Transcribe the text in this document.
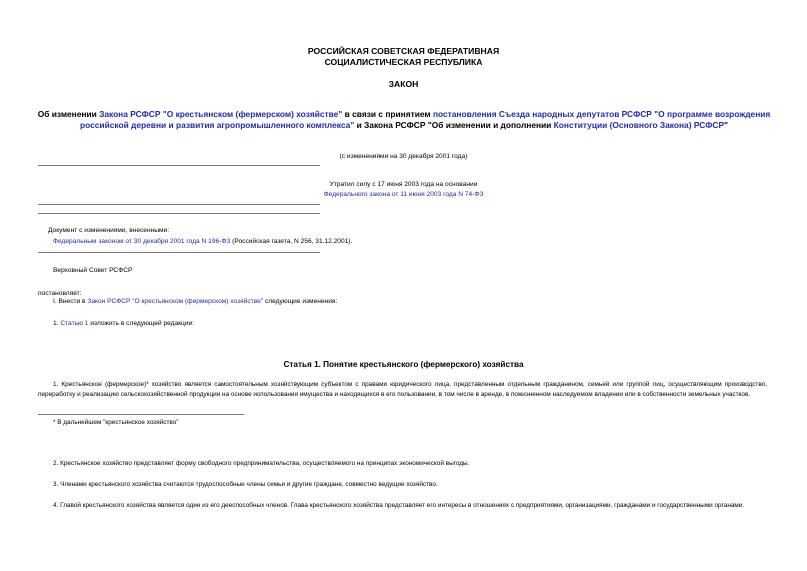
РОССИЙСКАЯ СОВЕТСКАЯ ФЕДЕРАТИВНАЯ
СОЦИАЛИСТИЧЕСКАЯ РЕСПУБЛИКА
ЗАКОН
Об изменении Закона РСФСР "О крестьянском (фермерском) хозяйстве" в связи с принятием постановления Съезда народных депутатов РСФСР "О программе возрождения российской деревни и развития агропромышленного комплекса" и Закона РСФСР "Об изменении и дополнении Конституции (Основного Закона) РСФСР"
(с изменениями на 30 декабря 2001 года)
Утратил силу с 17 июня 2003 года на основании
Федерального закона от 11 июня 2003 года N 74-ФЗ
Документ с изменениями, внесенными:
Федеральным законом от 30 декабря 2001 года N 196-ФЗ (Российская газета, N 256, 31.12.2001).
Верховный Совет РСФСР
постановляет:
I. Внести в Закон РСФСР "О крестьянском (фермерском) хозяйстве" следующие изменения:
1. Статью 1 изложить в следующей редакции:
Статья 1. Понятие крестьянского (фермерского) хозяйства
1. Крестьянское (фермерское)* хозяйство является самостоятельным хозяйствующим субъектом с правами юридического лица, представленным отдельным гражданином, семьей или группой лиц, осуществляющим производство, переработку и реализацию сельскохозяйственной продукции на основе использования имущества и находящихся в его пользовании, в том числе в аренде, в пожизненном наследуемом владении или в собственности земельных участков.
* В дальнейшем "крестьянское хозяйство"
2. Крестьянское хозяйство представляет форму свободного предпринимательства, осуществляемого на принципах экономической выгоды.
3. Членами крестьянского хозяйства считаются трудоспособные члены семьи и другие граждане, совместно ведущие хозяйство.
4. Главой крестьянского хозяйства является один из его дееспособных членов. Глава крестьянского хозяйства представляет его интересы в отношениях с предприятиями, организациями, гражданами и государственными органами.
